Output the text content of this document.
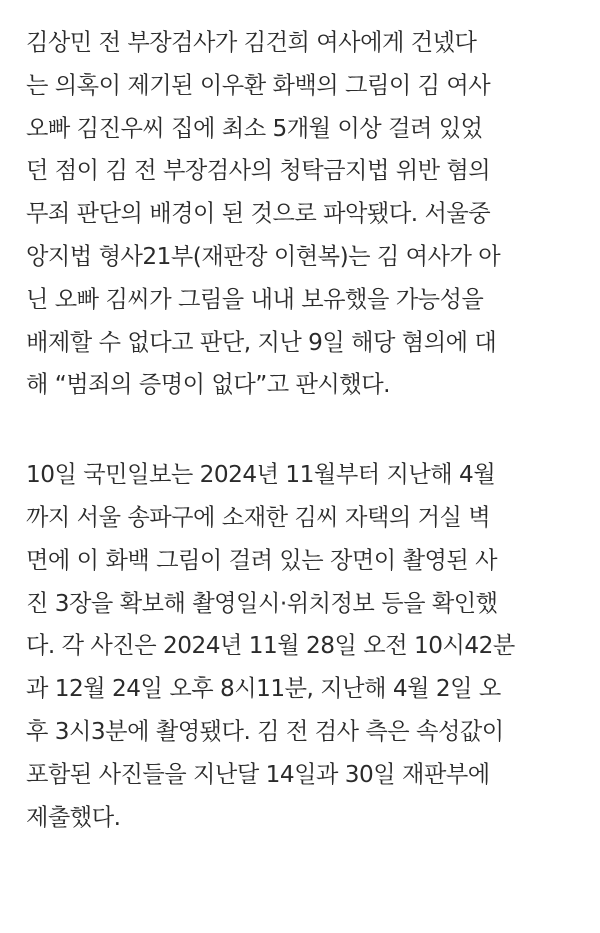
김상민 전 부장검사가 김건희 여사에게 건넸다
는 의혹이 제기된 이우환 화백의 그림이 김 여사
오빠 김진우씨 집에 최소 5개월 이상 걸려 있었
던 점이 김 전 부장검사의 청탁금지법 위반 혐의
무죄 판단의 배경이 된 것으로 파악됐다. 서울중
앙지법 형사21부(재판장 이현복)는 김 여사가 아
닌 오빠 김씨가 그림을 내내 보유했을 가능성을
배제할 수 없다고 판단, 지난 9일 해당 혐의에 대
해 “범죄의 증명이 없다”고 판시했다.

10일 국민일보는 2024년 11월부터 지난해 4월
까지 서울 송파구에 소재한 김씨 자택의 거실 벽
면에 이 화백 그림이 걸려 있는 장면이 촬영된 사
진 3장을 확보해 촬영일시·위치정보 등을 확인했
다. 각 사진은 2024년 11월 28일 오전 10시42분
과 12월 24일 오후 8시11분, 지난해 4월 2일 오
후 3시3분에 촬영됐다. 김 전 검사 측은 속성값이
포함된 사진들을 지난달 14일과 30일 재판부에
제출했다.
